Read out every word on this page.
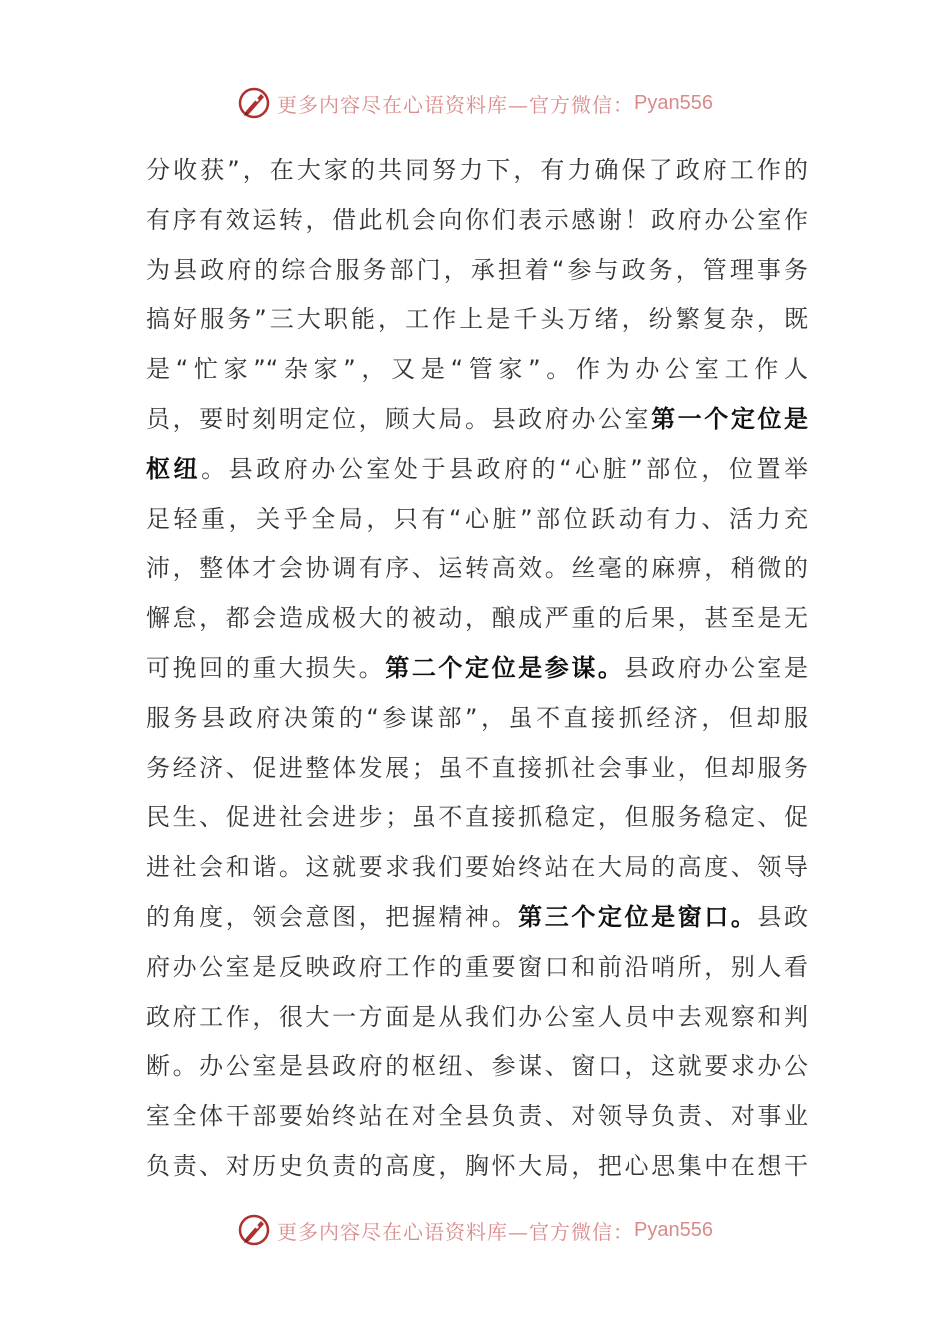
更多内容尽在心语资料库—官方微信： Pyan556
分收获”，在大家的共同努力下，有力确保了政府工作的
有序有效运转，借此机会向你们表示感谢！政府办公室作
为县政府的综合服务部门，承担着“参与政务，管理事务
搞好服务”三大职能，工作上是千头万绪，纷繁复杂，既
是“忙家”“杂家”，又是“管家”。作为办公室工作人
员，要时刻明定位，顾大局。县政府办公室第一个定位是
枢纽。县政府办公室处于县政府的“心脏”部位，位置举
足轻重，关乎全局，只有“心脏”部位跃动有力、活力充
沛，整体才会协调有序、运转高效。丝毫的麻痹，稍微的
懈怠，都会造成极大的被动，酿成严重的后果，甚至是无
可挽回的重大损失。第二个定位是参谋。县政府办公室是
服务县政府决策的“参谋部”，虽不直接抓经济，但却服
务经济、促进整体发展；虽不直接抓社会事业，但却服务
民生、促进社会进步；虽不直接抓稳定，但服务稳定、促
进社会和谐。这就要求我们要始终站在大局的高度、领导
的角度，领会意图，把握精神。第三个定位是窗口。县政
府办公室是反映政府工作的重要窗口和前沿哨所，别人看
政府工作，很大一方面是从我们办公室人员中去观察和判
断。办公室是县政府的枢纽、参谋、窗口，这就要求办公
室全体干部要始终站在对全县负责、对领导负责、对事业
负责、对历史负责的高度，胸怀大局，把心思集中在想干
更多内容尽在心语资料库—官方微信： Pyan556
